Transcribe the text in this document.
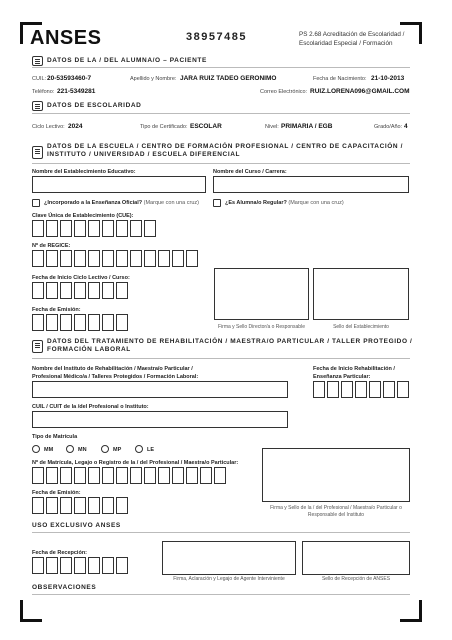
ANSES	38957485	PS 2.68 Acreditación de Escolaridad /
Escolaridad Especial / Formación
DATOS DE LA / DEL ALUMNA/O – PACIENTE
CUIL: 20-53593460-7	Apellido y Nombre: JARA RUIZ TADEO GERONIMO	Fecha de Nacimiento: 21-10-2013
Teléfono: 221-5349281	Correo Electrónico: RUIZ.LORENA096@GMAIL.COM
DATOS DE ESCOLARIDAD
Ciclo Lectivo: 2024	Tipo de Certificado: ESCOLAR	Nivel: PRIMARIA / EGB	Grado/Año: 4
DATOS DE LA ESCUELA / CENTRO DE FORMACIÓN PROFESIONAL / CENTRO DE CAPACITACIÓN /
INSTITUTO / UNIVERSIDAD / ESCUELA DIFERENCIAL
Nombre del Establecimiento Educativo:	Nombre del Curso / Carrera:
¿Incorporado a la Enseñanza Oficial? (Marque con una cruz)	¿Es Alumna/o Regular? (Marque con una cruz)
Clave Única de Establecimiento (CUE):
Nº de REGICE:
Fecha de Inicio Ciclo Lectivo / Curso:
Fecha de Emisión:
Firma y Sello Director/a o Responsable	Sello del Establecimiento
DATOS DEL TRATAMIENTO DE REHABILITACIÓN / MAESTRA/O PARTICULAR / TALLER PROTEGIDO /
FORMACIÓN LABORAL
Nombre del Instituto de Rehabilitación / Maestra/o Particular /
Profesional Médico/a / Talleres Protegidos / Formación Laboral:
Fecha de Inicio Rehabilitación /
Enseñanza Particular:
CUIL / CUIT de la /del Profesional o Instituto:
Tipo de Matrícula
MM	MN	MP	LE
Nº de Matrícula, Legajo o Registro de la / del Profesional / Maestra/o Particular:
Fecha de Emisión:
Firma y Sello de la / del Profesional / Maestra/o Particular o
Responsable del Instituto
USO EXCLUSIVO ANSES
Fecha de Recepción:
Firma, Aclaración y Legajo de Agente Interviniente	Sello de Recepción de ANSES
OBSERVACIONES
